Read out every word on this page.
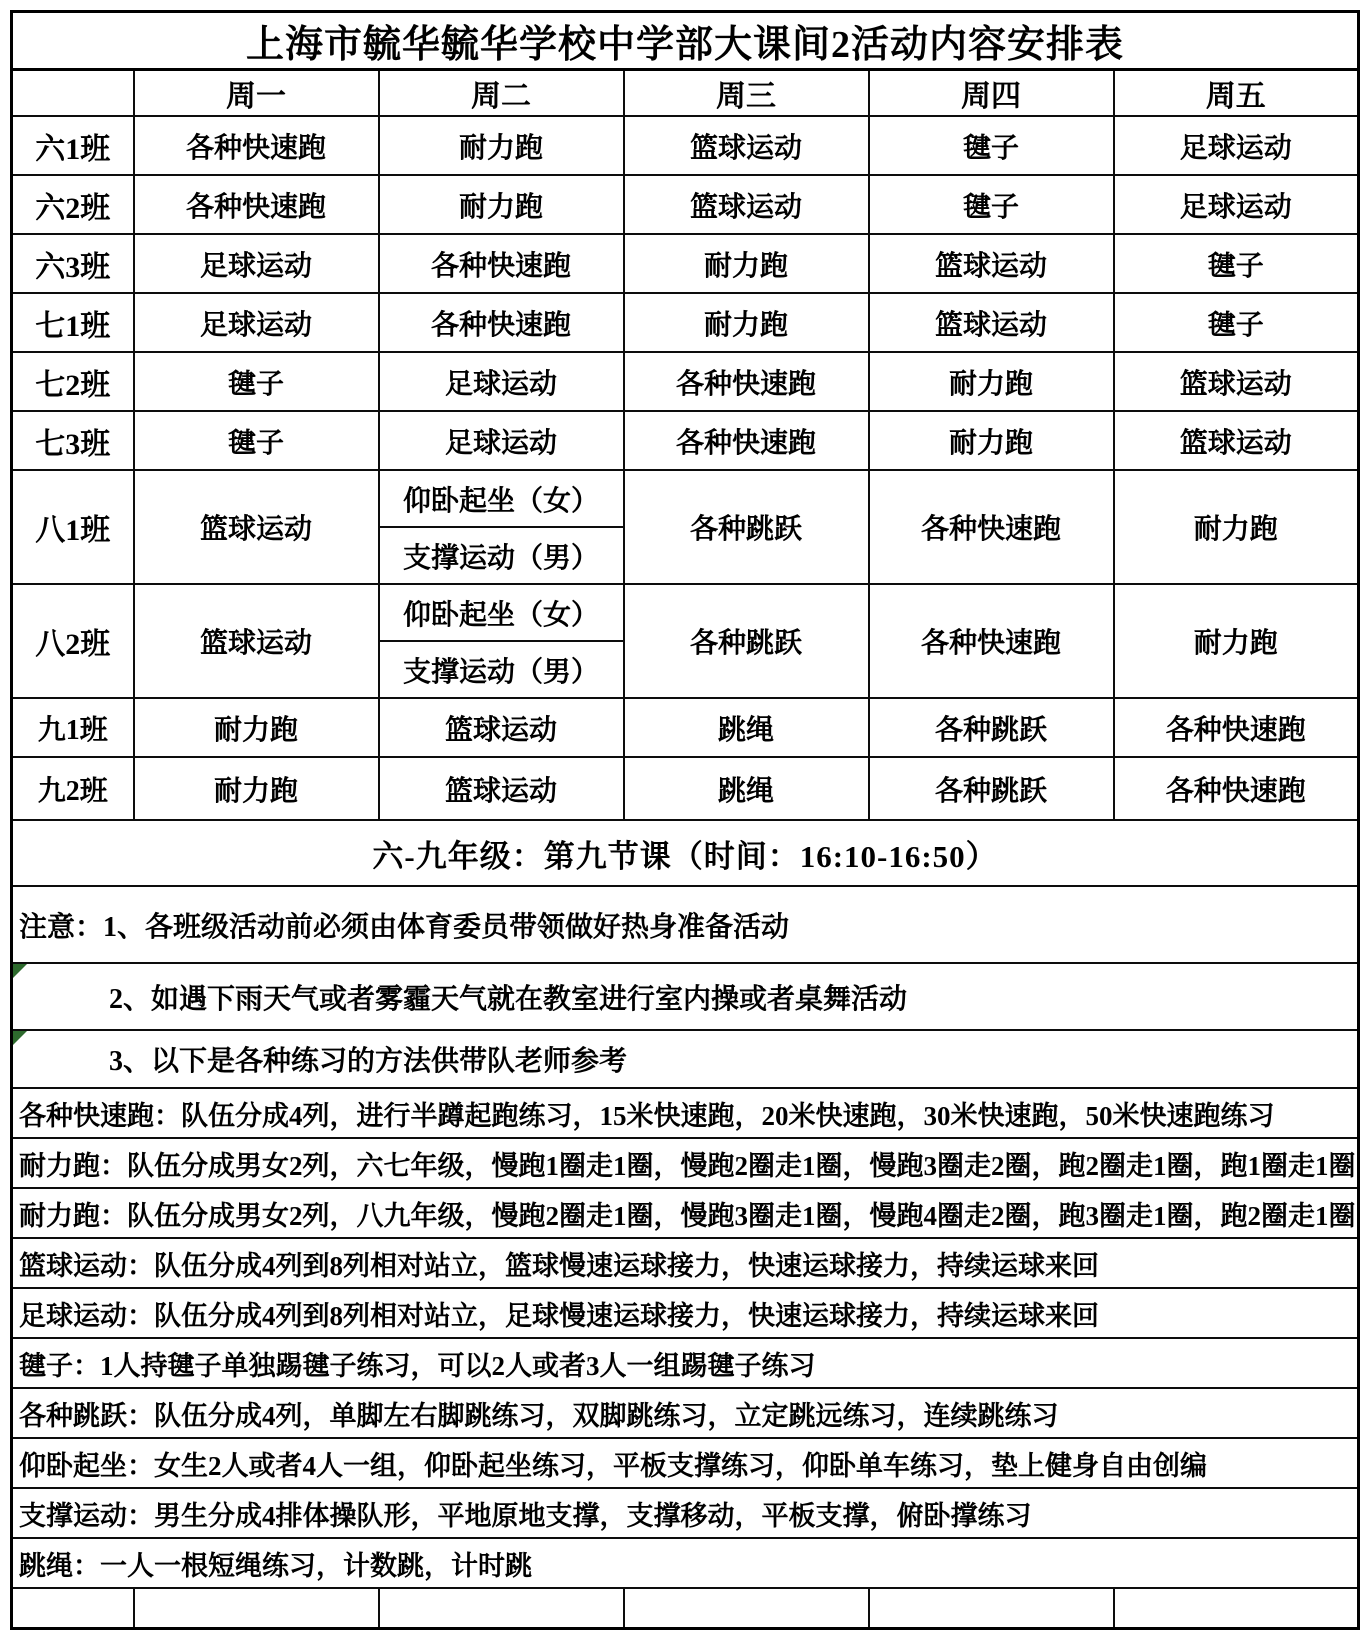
上海市毓华毓华学校中学部大课间2活动内容安排表					
	周一	周二	周三	周四	周五
六1班	各种快速跑	耐力跑	篮球运动	毽子	足球运动
六2班	各种快速跑	耐力跑	篮球运动	毽子	足球运动
六3班	足球运动	各种快速跑	耐力跑	篮球运动	毽子
七1班	足球运动	各种快速跑	耐力跑	篮球运动	毽子
七2班	毽子	足球运动	各种快速跑	耐力跑	篮球运动
七3班	毽子	足球运动	各种快速跑	耐力跑	篮球运动
八1班	篮球运动	仰卧起坐（女）	各种跳跃	各种快速跑	耐力跑
		支撑运动（男）			
八2班	篮球运动	仰卧起坐（女）	各种跳跃	各种快速跑	耐力跑
		支撑运动（男）			
九1班	耐力跑	篮球运动	跳绳	各种跳跃	各种快速跑
九2班	耐力跑	篮球运动	跳绳	各种跳跃	各种快速跑
六-九年级：第九节课（时间：16:10-16:50）					
注意：1、各班级活动前必须由体育委员带领做好热身准备活动					

2、如遇下雨天气或者雾霾天气就在教室进行室内操或者桌舞活动					

3、以下是各种练习的方法供带队老师参考					
各种快速跑：队伍分成4列，进行半蹲起跑练习，15米快速跑，20米快速跑，30米快速跑，50米快速跑练习					
耐力跑：队伍分成男女2列，六七年级，慢跑1圈走1圈，慢跑2圈走1圈，慢跑3圈走2圈，跑2圈走1圈，跑1圈走1圈					
耐力跑：队伍分成男女2列，八九年级，慢跑2圈走1圈，慢跑3圈走1圈，慢跑4圈走2圈，跑3圈走1圈，跑2圈走1圈					
篮球运动：队伍分成4列到8列相对站立，篮球慢速运球接力，快速运球接力，持续运球来回					
足球运动：队伍分成4列到8列相对站立，足球慢速运球接力，快速运球接力，持续运球来回					
毽子：1人持毽子单独踢毽子练习，可以2人或者3人一组踢毽子练习					
各种跳跃：队伍分成4列，单脚左右脚跳练习，双脚跳练习，立定跳远练习，连续跳练习					
仰卧起坐：女生2人或者4人一组，仰卧起坐练习，平板支撑练习，仰卧单车练习，垫上健身自由创编					
支撑运动：男生分成4排体操队形，平地原地支撑，支撑移动，平板支撑，俯卧撑练习					
跳绳：一人一根短绳练习，计数跳，计时跳					
